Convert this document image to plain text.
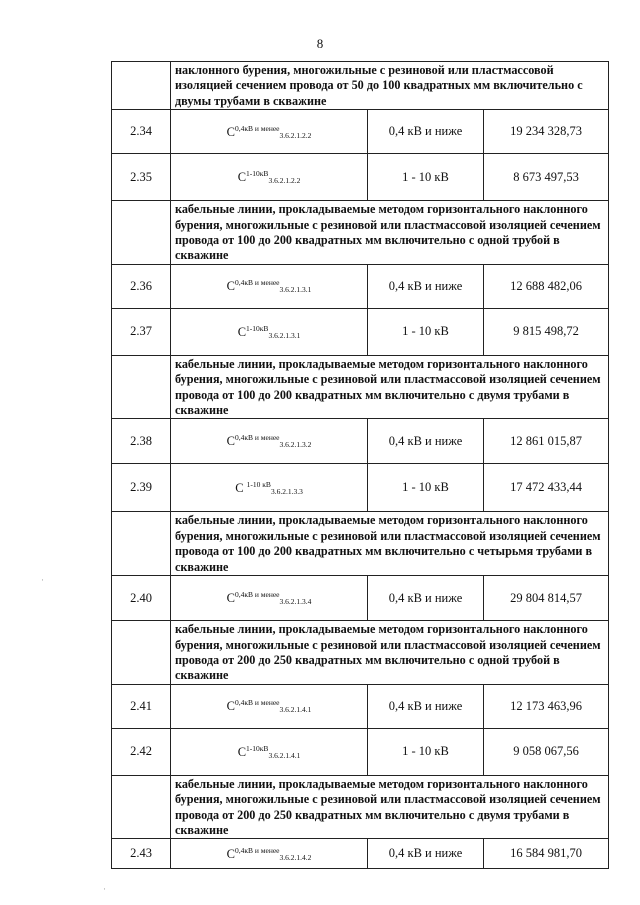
8
	наклонного бурения, многожильные с резиновой или пластмассовой изоляцией сечением провода от 50 до 100 квадратных мм включительно с двумы трубами в скважине		
2.34	$C^{0,4кВ и менее}_{3.6.2.1.2.2}$	0,4 кВ и ниже	19 234 328,73
2.35	$C^{1-10кВ}_{3.6.2.1.2.2}$	1 - 10 кВ	8 673 497,53
	кабельные линии, прокладываемые методом горизонтального наклонного бурения, многожильные с резиновой или пластмассовой изоляцией сечением провода от 100 до 200 квадратных мм включительно с одной трубой в скважине		
2.36	$C^{0,4кВ и менее}_{3.6.2.1.3.1}$	0,4 кВ и ниже	12 688 482,06
2.37	$C^{1-10кВ}_{3.6.2.1.3.1}$	1 - 10 кВ	9 815 498,72
	кабельные линии, прокладываемые методом горизонтального наклонного бурения, многожильные с резиновой или пластмассовой изоляцией сечением провода от 100 до 200 квадратных мм включительно с двумя трубами в скважине		
2.38	$C^{0,4кВ и менее}_{3.6.2.1.3.2}$	0,4 кВ и ниже	12 861 015,87
2.39	C $^{1-10 кВ}_{3.6.2.1.3.3}$	1 - 10 кВ	17 472 433,44
	кабельные линии, прокладываемые методом горизонтального наклонного бурения, многожильные с резиновой или пластмассовой изоляцией сечением провода от 100 до 200 квадратных мм включительно с четырьмя трубами в скважине		
2.40	$C^{0,4кВ и менее}_{3.6.2.1.3.4}$	0,4 кВ и ниже	29 804 814,57
	кабельные линии, прокладываемые методом горизонтального наклонного бурения, многожильные с резиновой или пластмассовой изоляцией сечением провода от 200 до 250 квадратных мм включительно с одной трубой в скважине		
2.41	$C^{0,4кВ и менее}_{3.6.2.1.4.1}$	0,4 кВ и ниже	12 173 463,96
2.42	$C^{1-10кВ}_{3.6.2.1.4.1}$	1 - 10 кВ	9 058 067,56
	кабельные линии, прокладываемые методом горизонтального наклонного бурения, многожильные с резиновой или пластмассовой изоляцией сечением провода от 200 до 250 квадратных мм включительно с двумя трубами в скважине		
2.43	$C^{0,4кВ и менее}_{3.6.2.1.4.2}$	0,4 кВ и ниже	16 584 981,70
·
·
